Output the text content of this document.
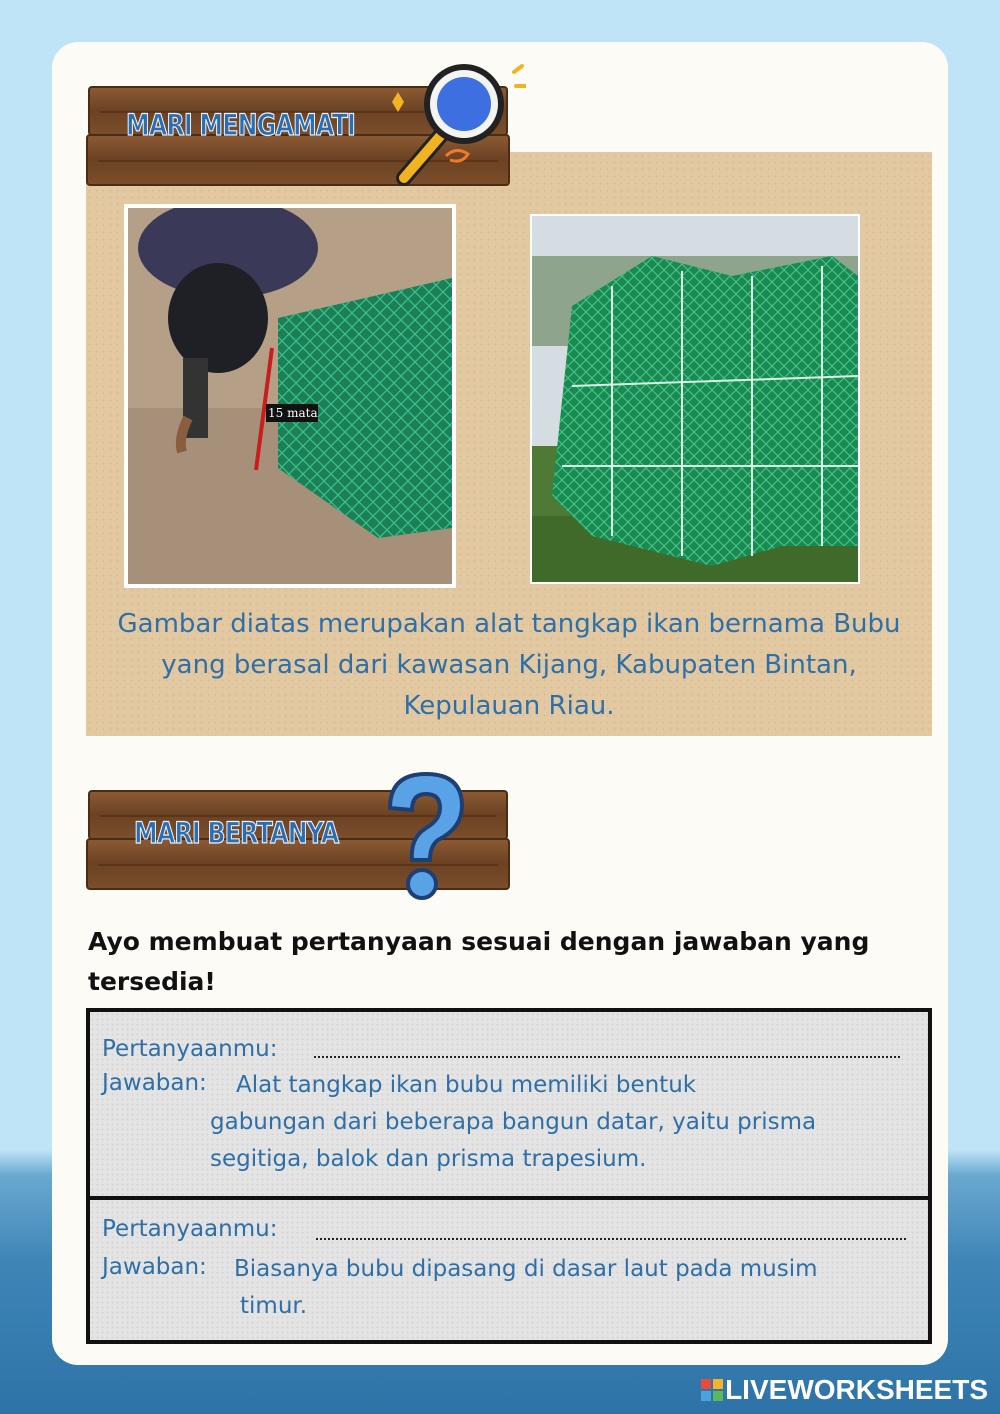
MARI MENGAMATI
15 mata
Gambar diatas merupakan alat tangkap ikan bernama Bubu yang berasal dari kawasan Kijang, Kabupaten Bintan, Kepulauan Riau.
MARI BERTANYA
Ayo membuat pertanyaan sesuai dengan jawaban yang tersedia!
Pertanyaanmu:
Jawaban: Alat tangkap ikan bubu memiliki bentuk
gabungan dari beberapa bangun datar, yaitu prisma
segitiga, balok dan prisma trapesium.
Pertanyaanmu:
Jawaban: Biasanya bubu dipasang di dasar laut pada musim
timur.
LIVEWORKSHEETS
